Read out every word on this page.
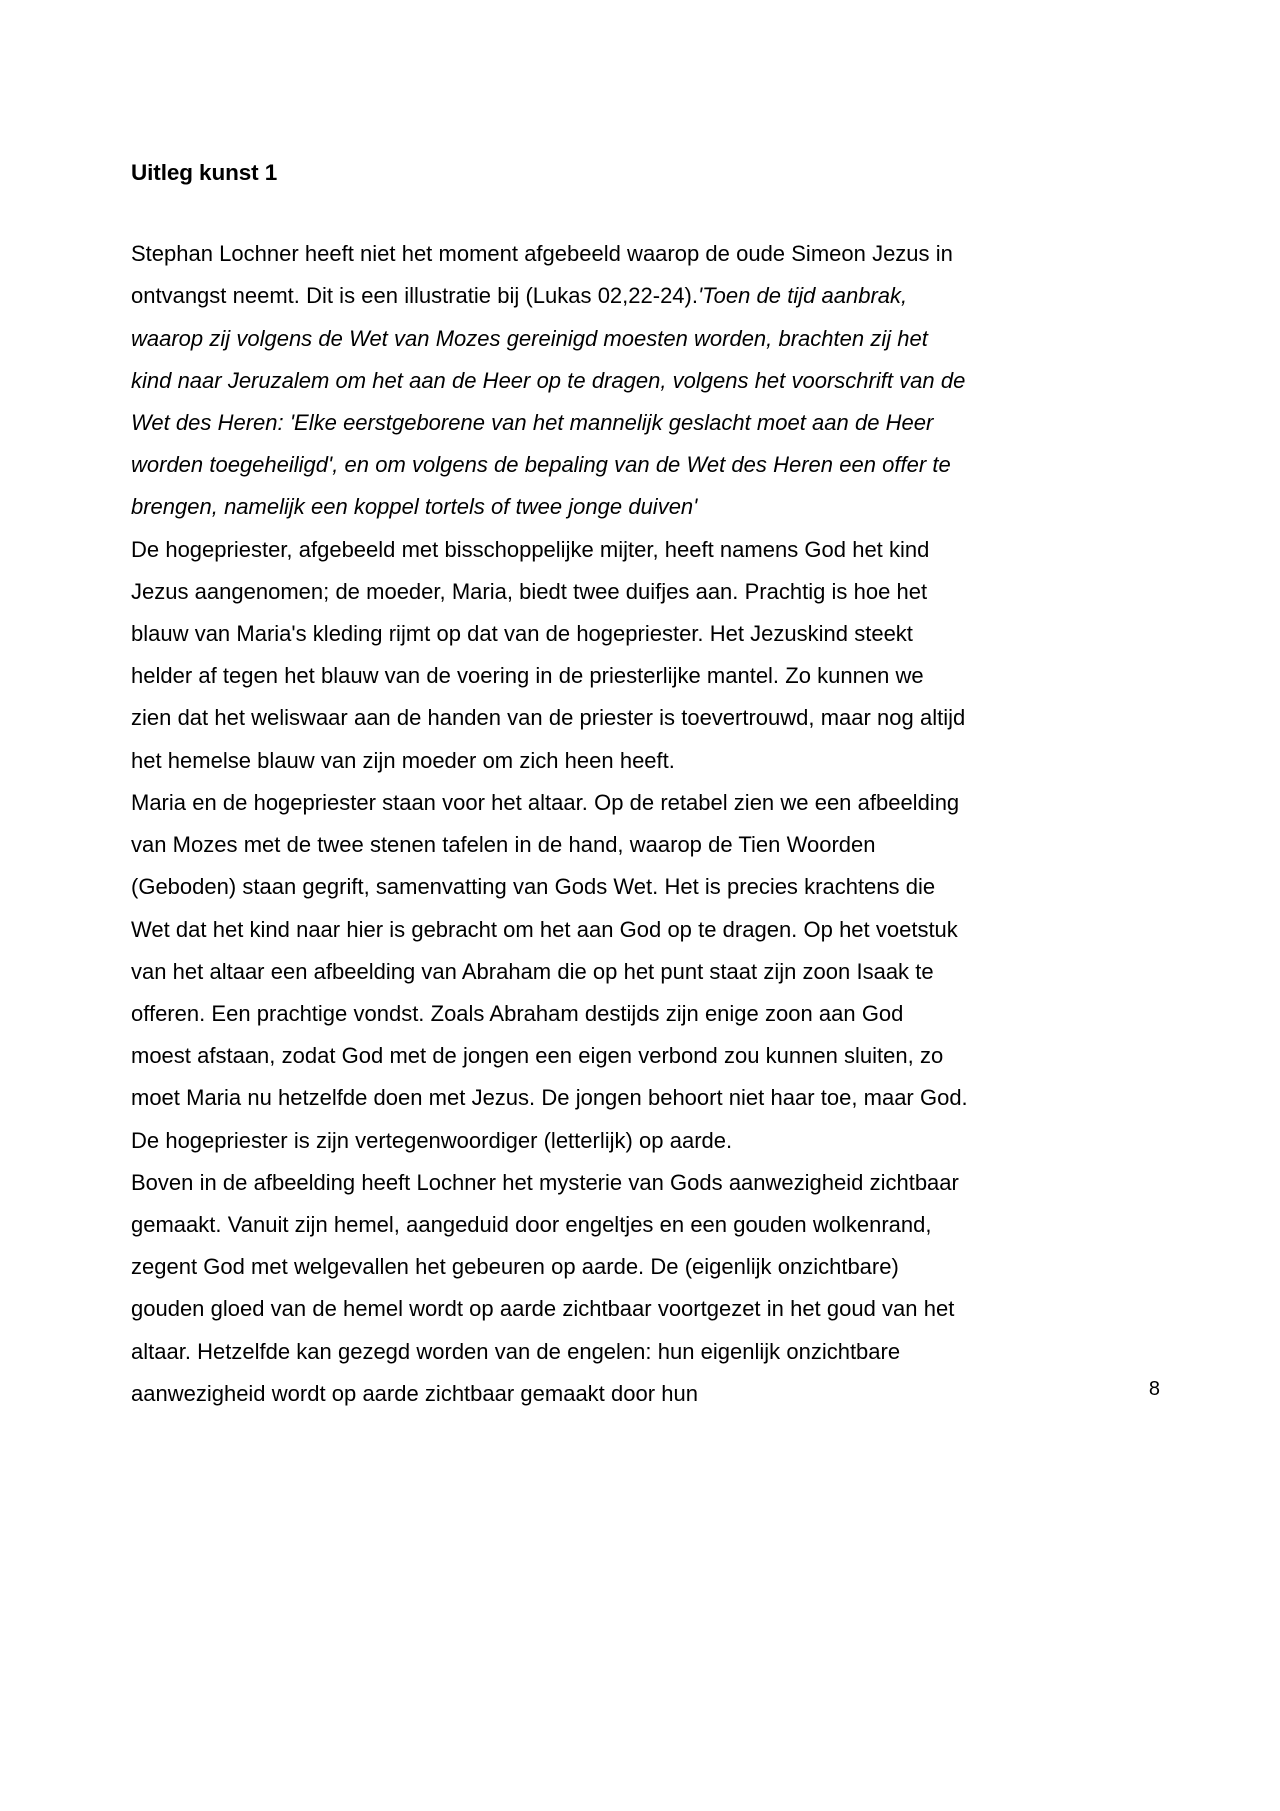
Uitleg kunst 1

Stephan Lochner heeft niet het moment afgebeeld waarop de oude Simeon Jezus in ontvangst neemt. Dit is een illustratie bij (Lukas 02,22-24).'Toen de tijd aanbrak, waarop zij volgens de Wet van Mozes gereinigd moesten worden, brachten zij het kind naar Jeruzalem om het aan de Heer op te dragen, volgens het voorschrift van de Wet des Heren: 'Elke eerstgeborene van het mannelijk geslacht moet aan de Heer worden toegeheiligd', en om volgens de bepaling van de Wet des Heren een offer te brengen, namelijk een koppel tortels of twee jonge duiven'

De hogepriester, afgebeeld met bisschoppelijke mijter, heeft namens God het kind Jezus aangenomen; de moeder, Maria, biedt twee duifjes aan. Prachtig is hoe het blauw van Maria's kleding rijmt op dat van de hogepriester. Het Jezuskind steekt helder af tegen het blauw van de voering in de priesterlijke mantel. Zo kunnen we zien dat het weliswaar aan de handen van de priester is toevertrouwd, maar nog altijd het hemelse blauw van zijn moeder om zich heen heeft.

Maria en de hogepriester staan voor het altaar. Op de retabel zien we een afbeelding van Mozes met de twee stenen tafelen in de hand, waarop de Tien Woorden (Geboden) staan gegrift, samenvatting van Gods Wet. Het is precies krachtens die Wet dat het kind naar hier is gebracht om het aan God op te dragen. Op het voetstuk van het altaar een afbeelding van Abraham die op het punt staat zijn zoon Isaak te offeren. Een prachtige vondst. Zoals Abraham destijds zijn enige zoon aan God moest afstaan, zodat God met de jongen een eigen verbond zou kunnen sluiten, zo moet Maria nu hetzelfde doen met Jezus. De jongen behoort niet haar toe, maar God. De hogepriester is zijn vertegenwoordiger (letterlijk) op aarde.

Boven in de afbeelding heeft Lochner het mysterie van Gods aanwezigheid zichtbaar gemaakt. Vanuit zijn hemel, aangeduid door engeltjes en een gouden wolkenrand, zegent God met welgevallen het gebeuren op aarde. De (eigenlijk onzichtbare) gouden gloed van de hemel wordt op aarde zichtbaar voortgezet in het goud van het altaar. Hetzelfde kan gezegd worden van de engelen: hun eigenlijk onzichtbare aanwezigheid wordt op aarde zichtbaar gemaakt door hun	8
